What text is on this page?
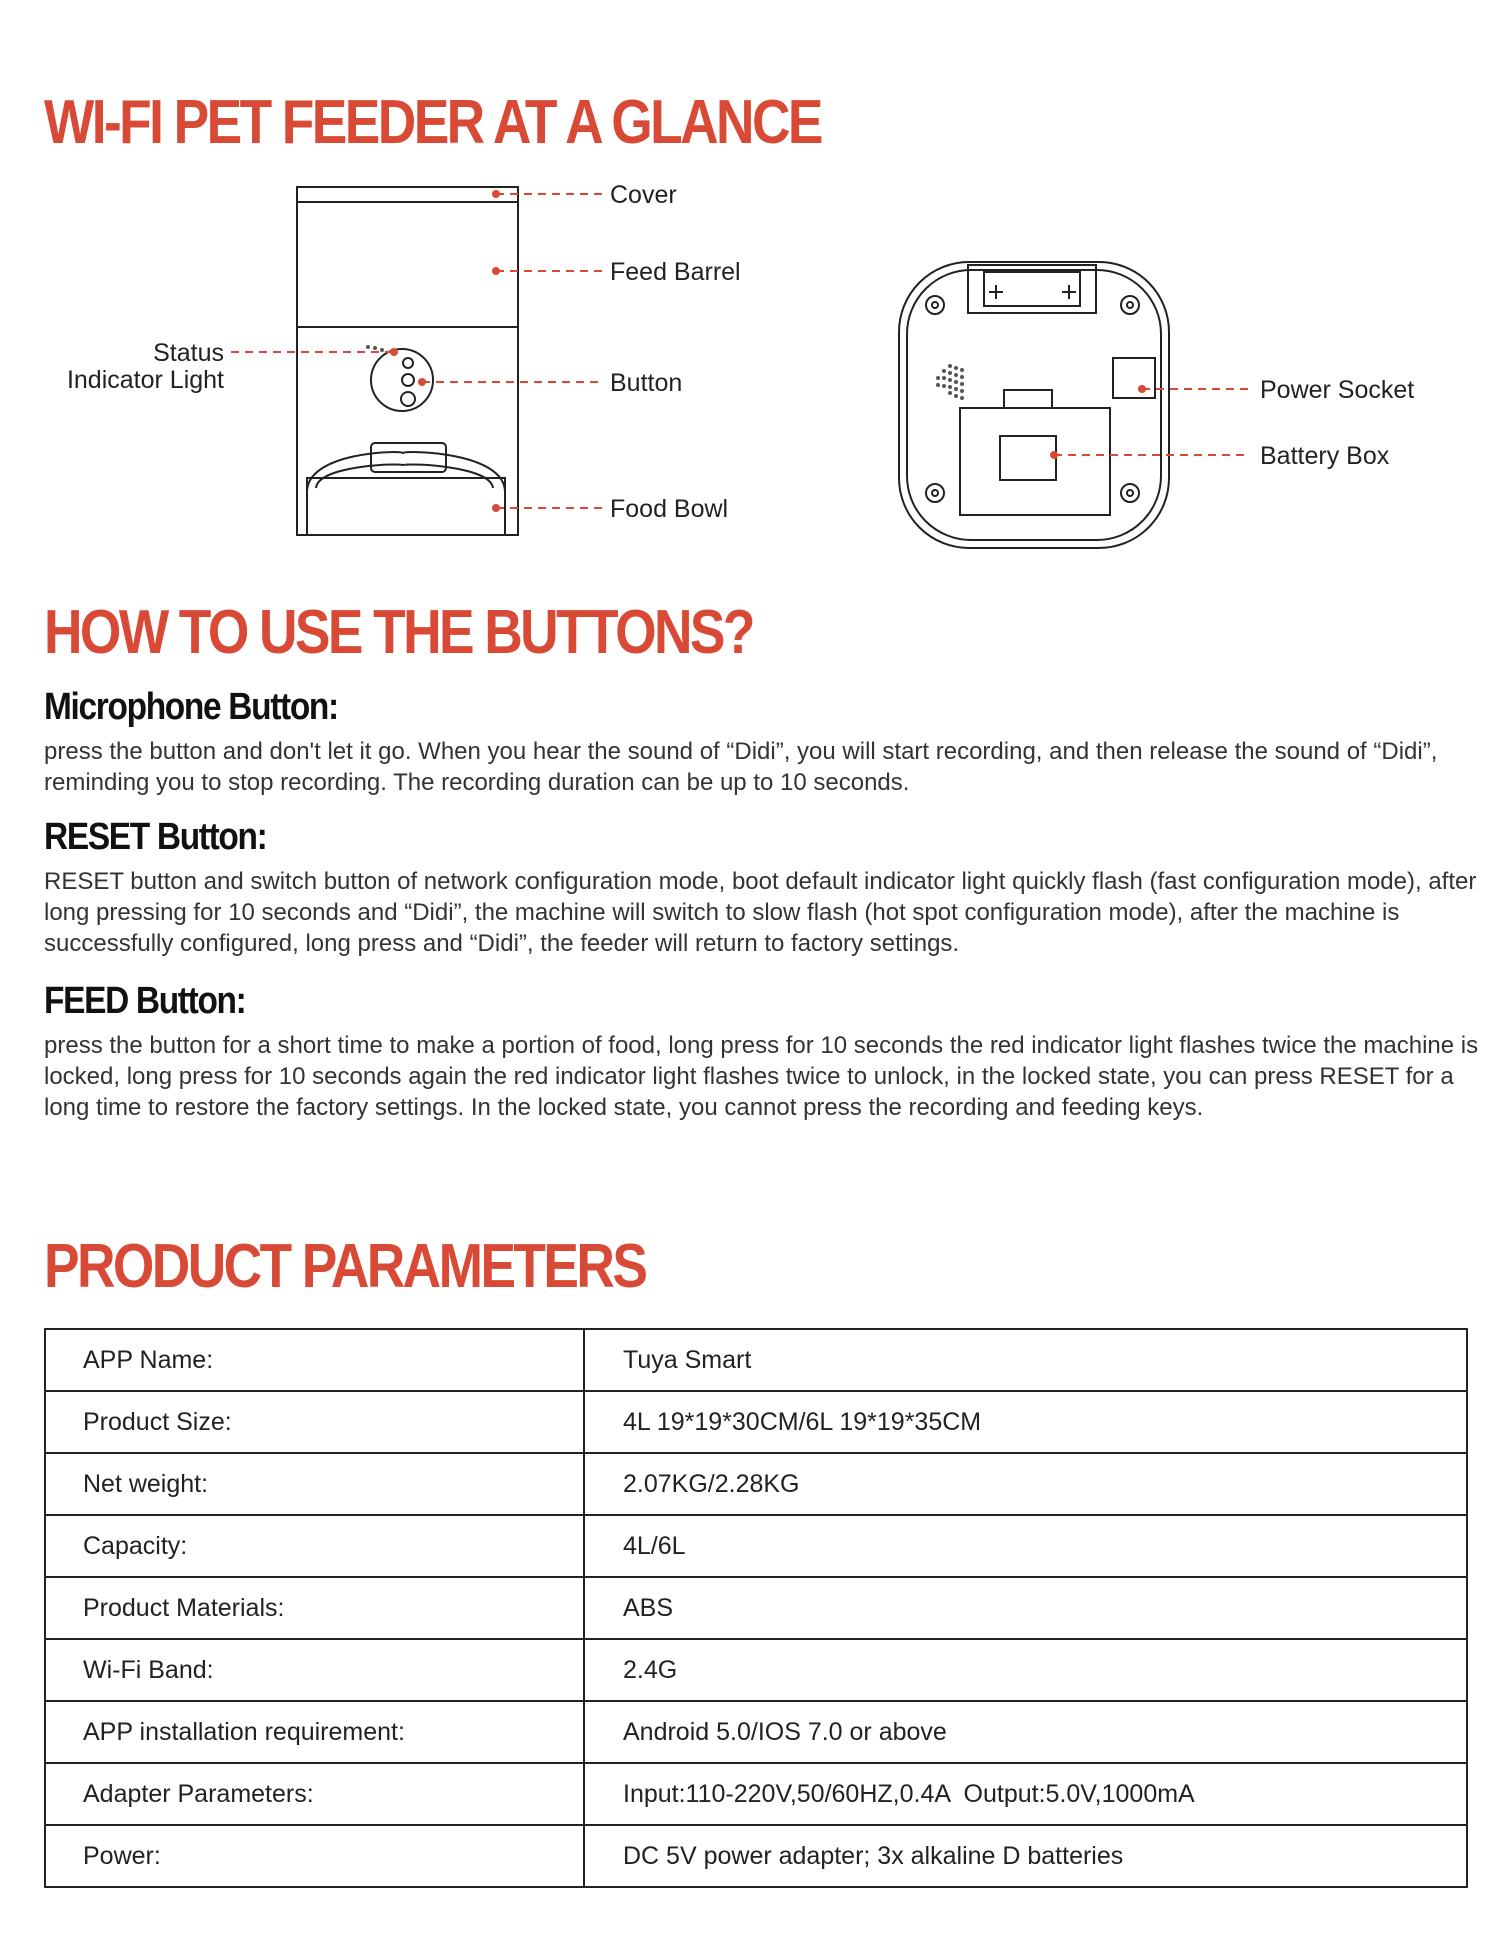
WI-FI PET FEEDER AT A GLANCE
Cover
Feed Barrel
Status
Indicator Light	Button
Food Bowl
Power Socket
Battery Box
HOW TO USE THE BUTTONS?
Microphone Button:

press the button and don't let it go. When you hear the sound of “Didi”, you will start recording, and then release the sound of “Didi”, reminding you to stop recording. The recording duration can be up to 10 seconds.

RESET Button:

RESET button and switch button of network configuration mode, boot default indicator light quickly flash (fast configuration mode), after long pressing for 10 seconds and “Didi”, the machine will switch to slow flash (hot spot configuration mode), after the machine is successfully configured, long press and “Didi”, the feeder will return to factory settings.

FEED Button:

press the button for a short time to make a portion of food, long press for 10 seconds the red indicator light flashes twice the machine is locked, long press for 10 seconds again the red indicator light flashes twice to unlock, in the locked state, you can press RESET for a long time to restore the factory settings. In the locked state, you cannot press the recording and feeding keys.

PRODUCT PARAMETERS
APP Name:	Tuya Smart
Product Size:	4L 19*19*30CM/6L 19*19*35CM
Net weight:	2.07KG/2.28KG
Capacity:	4L/6L
Product Materials:	ABS
Wi-Fi Band:	2.4G
APP installation requirement:	Android 5.0/IOS 7.0 or above
Adapter Parameters:	Input:110-220V,50/60HZ,0.4A  Output:5.0V,1000mA
Power:	DC 5V power adapter; 3x alkaline D batteries
